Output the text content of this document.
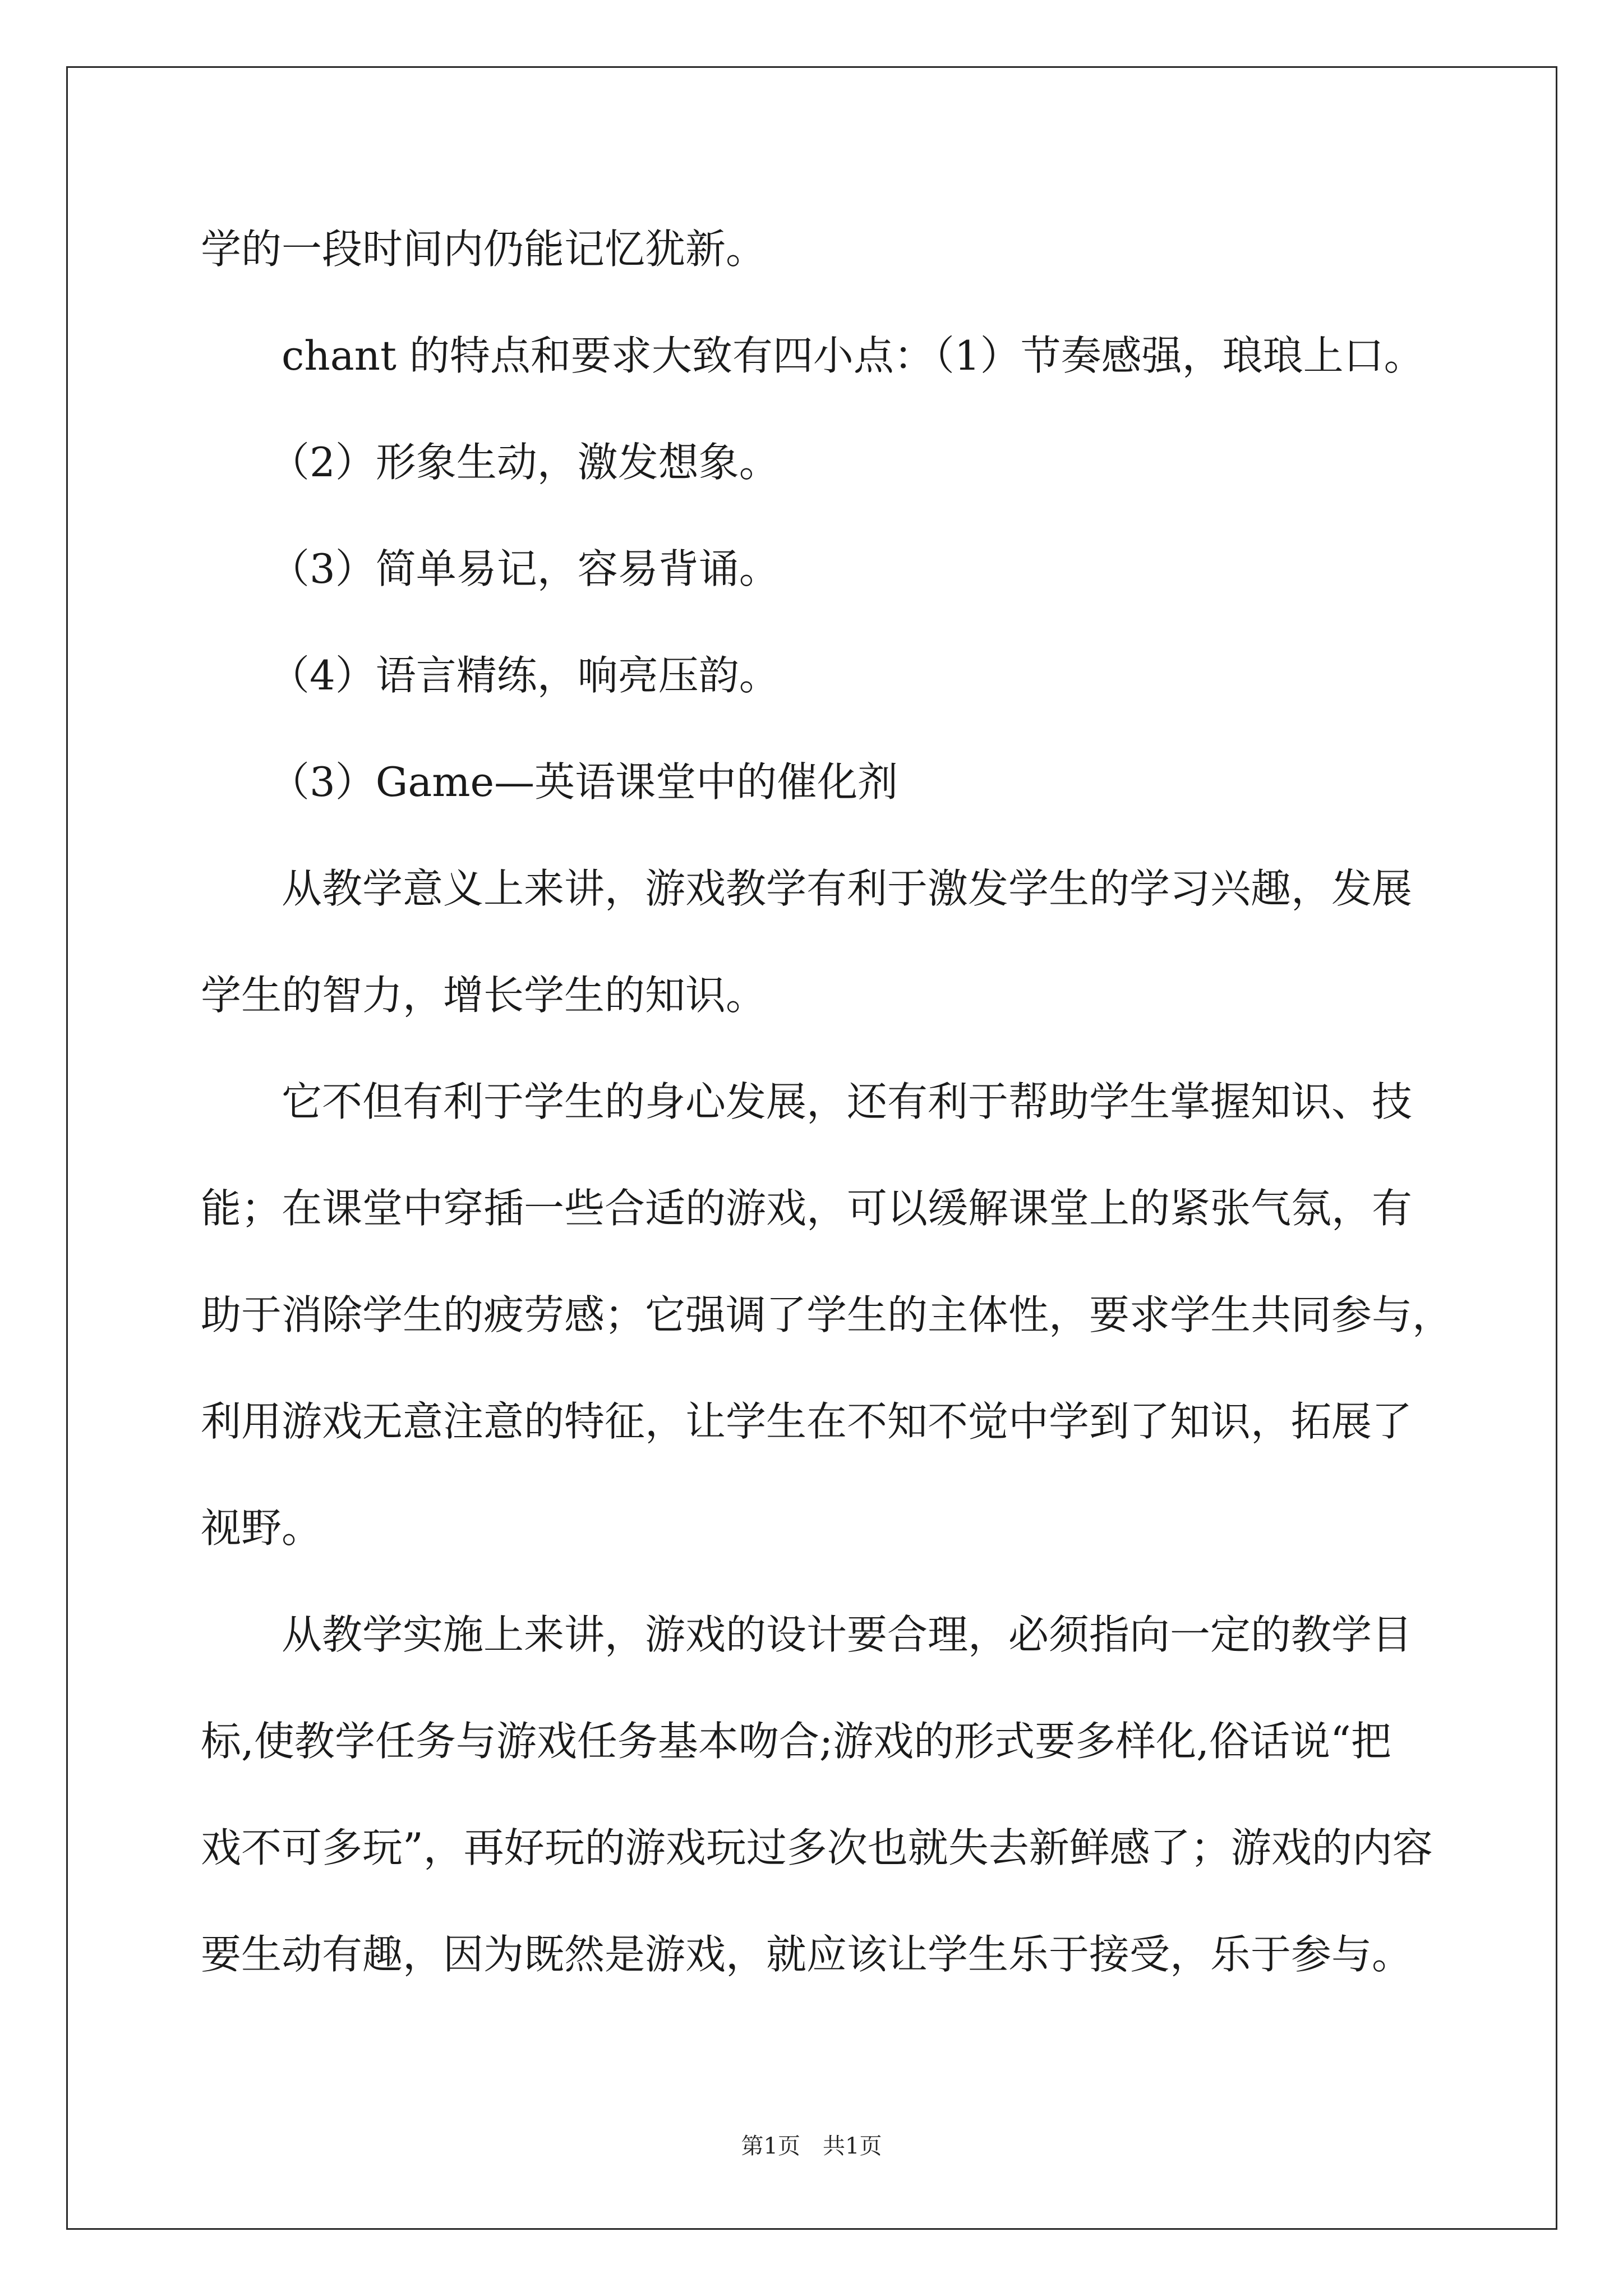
学的一段时间内仍能记忆犹新。
chant 的特点和要求大致有四小点：（1）节奏感强，琅琅上口。
（2）形象生动，激发想象。
（3）简单易记，容易背诵。
（4）语言精练，响亮压韵。
（3）Game—英语课堂中的催化剂
从教学意义上来讲，游戏教学有利于激发学生的学习兴趣，发展
学生的智力，增长学生的知识。
它不但有利于学生的身心发展，还有利于帮助学生掌握知识、技
能；在课堂中穿插一些合适的游戏，可以缓解课堂上的紧张气氛，有
助于消除学生的疲劳感；它强调了学生的主体性，要求学生共同参与，
利用游戏无意注意的特征，让学生在不知不觉中学到了知识，拓展了
视野。
从教学实施上来讲，游戏的设计要合理，必须指向一定的教学目
标,使教学任务与游戏任务基本吻合;游戏的形式要多样化,俗话说“把
戏不可多玩”，再好玩的游戏玩过多次也就失去新鲜感了；游戏的内容
要生动有趣，因为既然是游戏，就应该让学生乐于接受，乐于参与。
第1页　共1页
